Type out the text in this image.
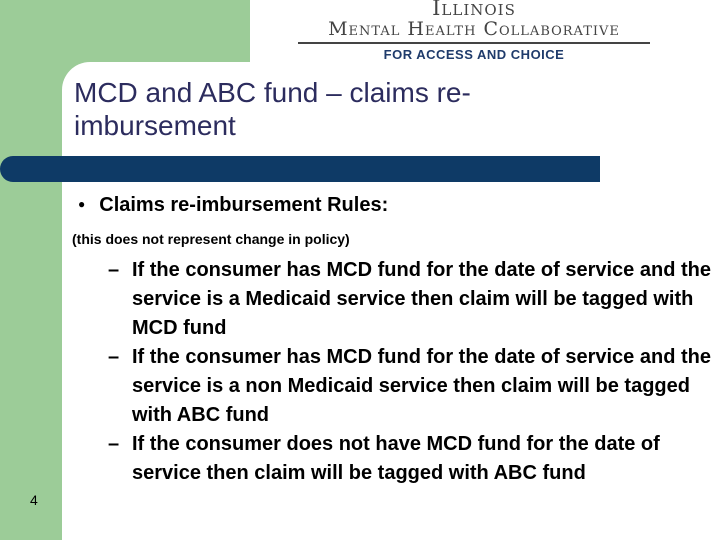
Illinois
Mental Health Collaborative
FOR ACCESS AND CHOICE
MCD and ABC fund – claims re-imbursement
● Claims re-imbursement Rules:
(this does not represent change in policy)
– If the consumer has MCD fund for the date of service and the service is a Medicaid service then claim will be tagged with MCD fund
– If the consumer has MCD fund for the date of service and the service is a non Medicaid service then claim will be tagged with ABC fund
– If the consumer does not have MCD fund for the date of service then claim will be tagged with ABC fund
4
